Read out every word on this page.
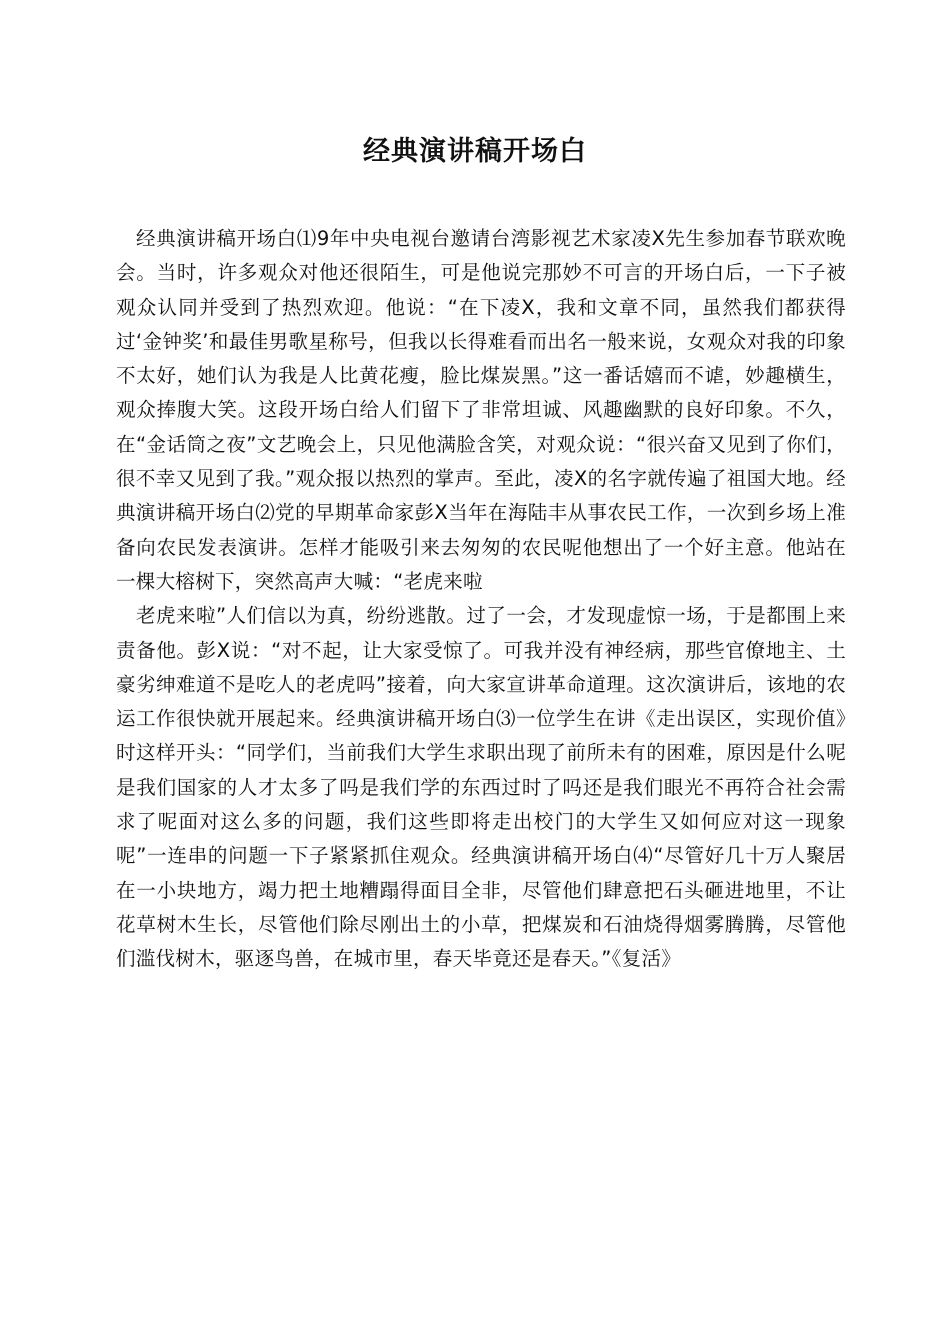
经典演讲稿开场白

经典演讲稿开场白⑴9年中央电视台邀请台湾影视艺术家凌X先生参加春节联欢晚会。当时，许多观众对他还很陌生，可是他说完那妙不可言的开场白后，一下子被观众认同并受到了热烈欢迎。他说：“在下凌X，我和文章不同，虽然我们都获得过‘金钟奖’和最佳男歌星称号，但我以长得难看而出名一般来说，女观众对我的印象不太好，她们认为我是人比黄花瘦，脸比煤炭黑。”这一番话嬉而不谑，妙趣横生，观众捧腹大笑。这段开场白给人们留下了非常坦诚、风趣幽默的良好印象。不久，在“金话筒之夜”文艺晚会上，只见他满脸含笑，对观众说：“很兴奋又见到了你们，很不幸又见到了我。”观众报以热烈的掌声。至此，凌X的名字就传遍了祖国大地。经典演讲稿开场白⑵党的早期革命家彭X当年在海陆丰从事农民工作，一次到乡场上准备向农民发表演讲。怎样才能吸引来去匆匆的农民呢他想出了一个好主意。他站在一棵大榕树下，突然高声大喊：“老虎来啦

老虎来啦”人们信以为真，纷纷逃散。过了一会，才发现虚惊一场，于是都围上来责备他。彭X说：“对不起，让大家受惊了。可我并没有神经病，那些官僚地主、土豪劣绅难道不是吃人的老虎吗”接着，向大家宣讲革命道理。这次演讲后，该地的农运工作很快就开展起来。经典演讲稿开场白⑶一位学生在讲《走出误区，实现价值》时这样开头：“同学们，当前我们大学生求职出现了前所未有的困难，原因是什么呢是我们国家的人才太多了吗是我们学的东西过时了吗还是我们眼光不再符合社会需求了呢面对这么多的问题，我们这些即将走出校门的大学生又如何应对这一现象呢”一连串的问题一下子紧紧抓住观众。经典演讲稿开场白⑷“尽管好几十万人聚居在一小块地方，竭力把土地糟蹋得面目全非，尽管他们肆意把石头砸进地里，不让花草树木生长，尽管他们除尽刚出土的小草，把煤炭和石油烧得烟雾腾腾，尽管他们滥伐树木，驱逐鸟兽，在城市里，春天毕竟还是春天。”《复活》
